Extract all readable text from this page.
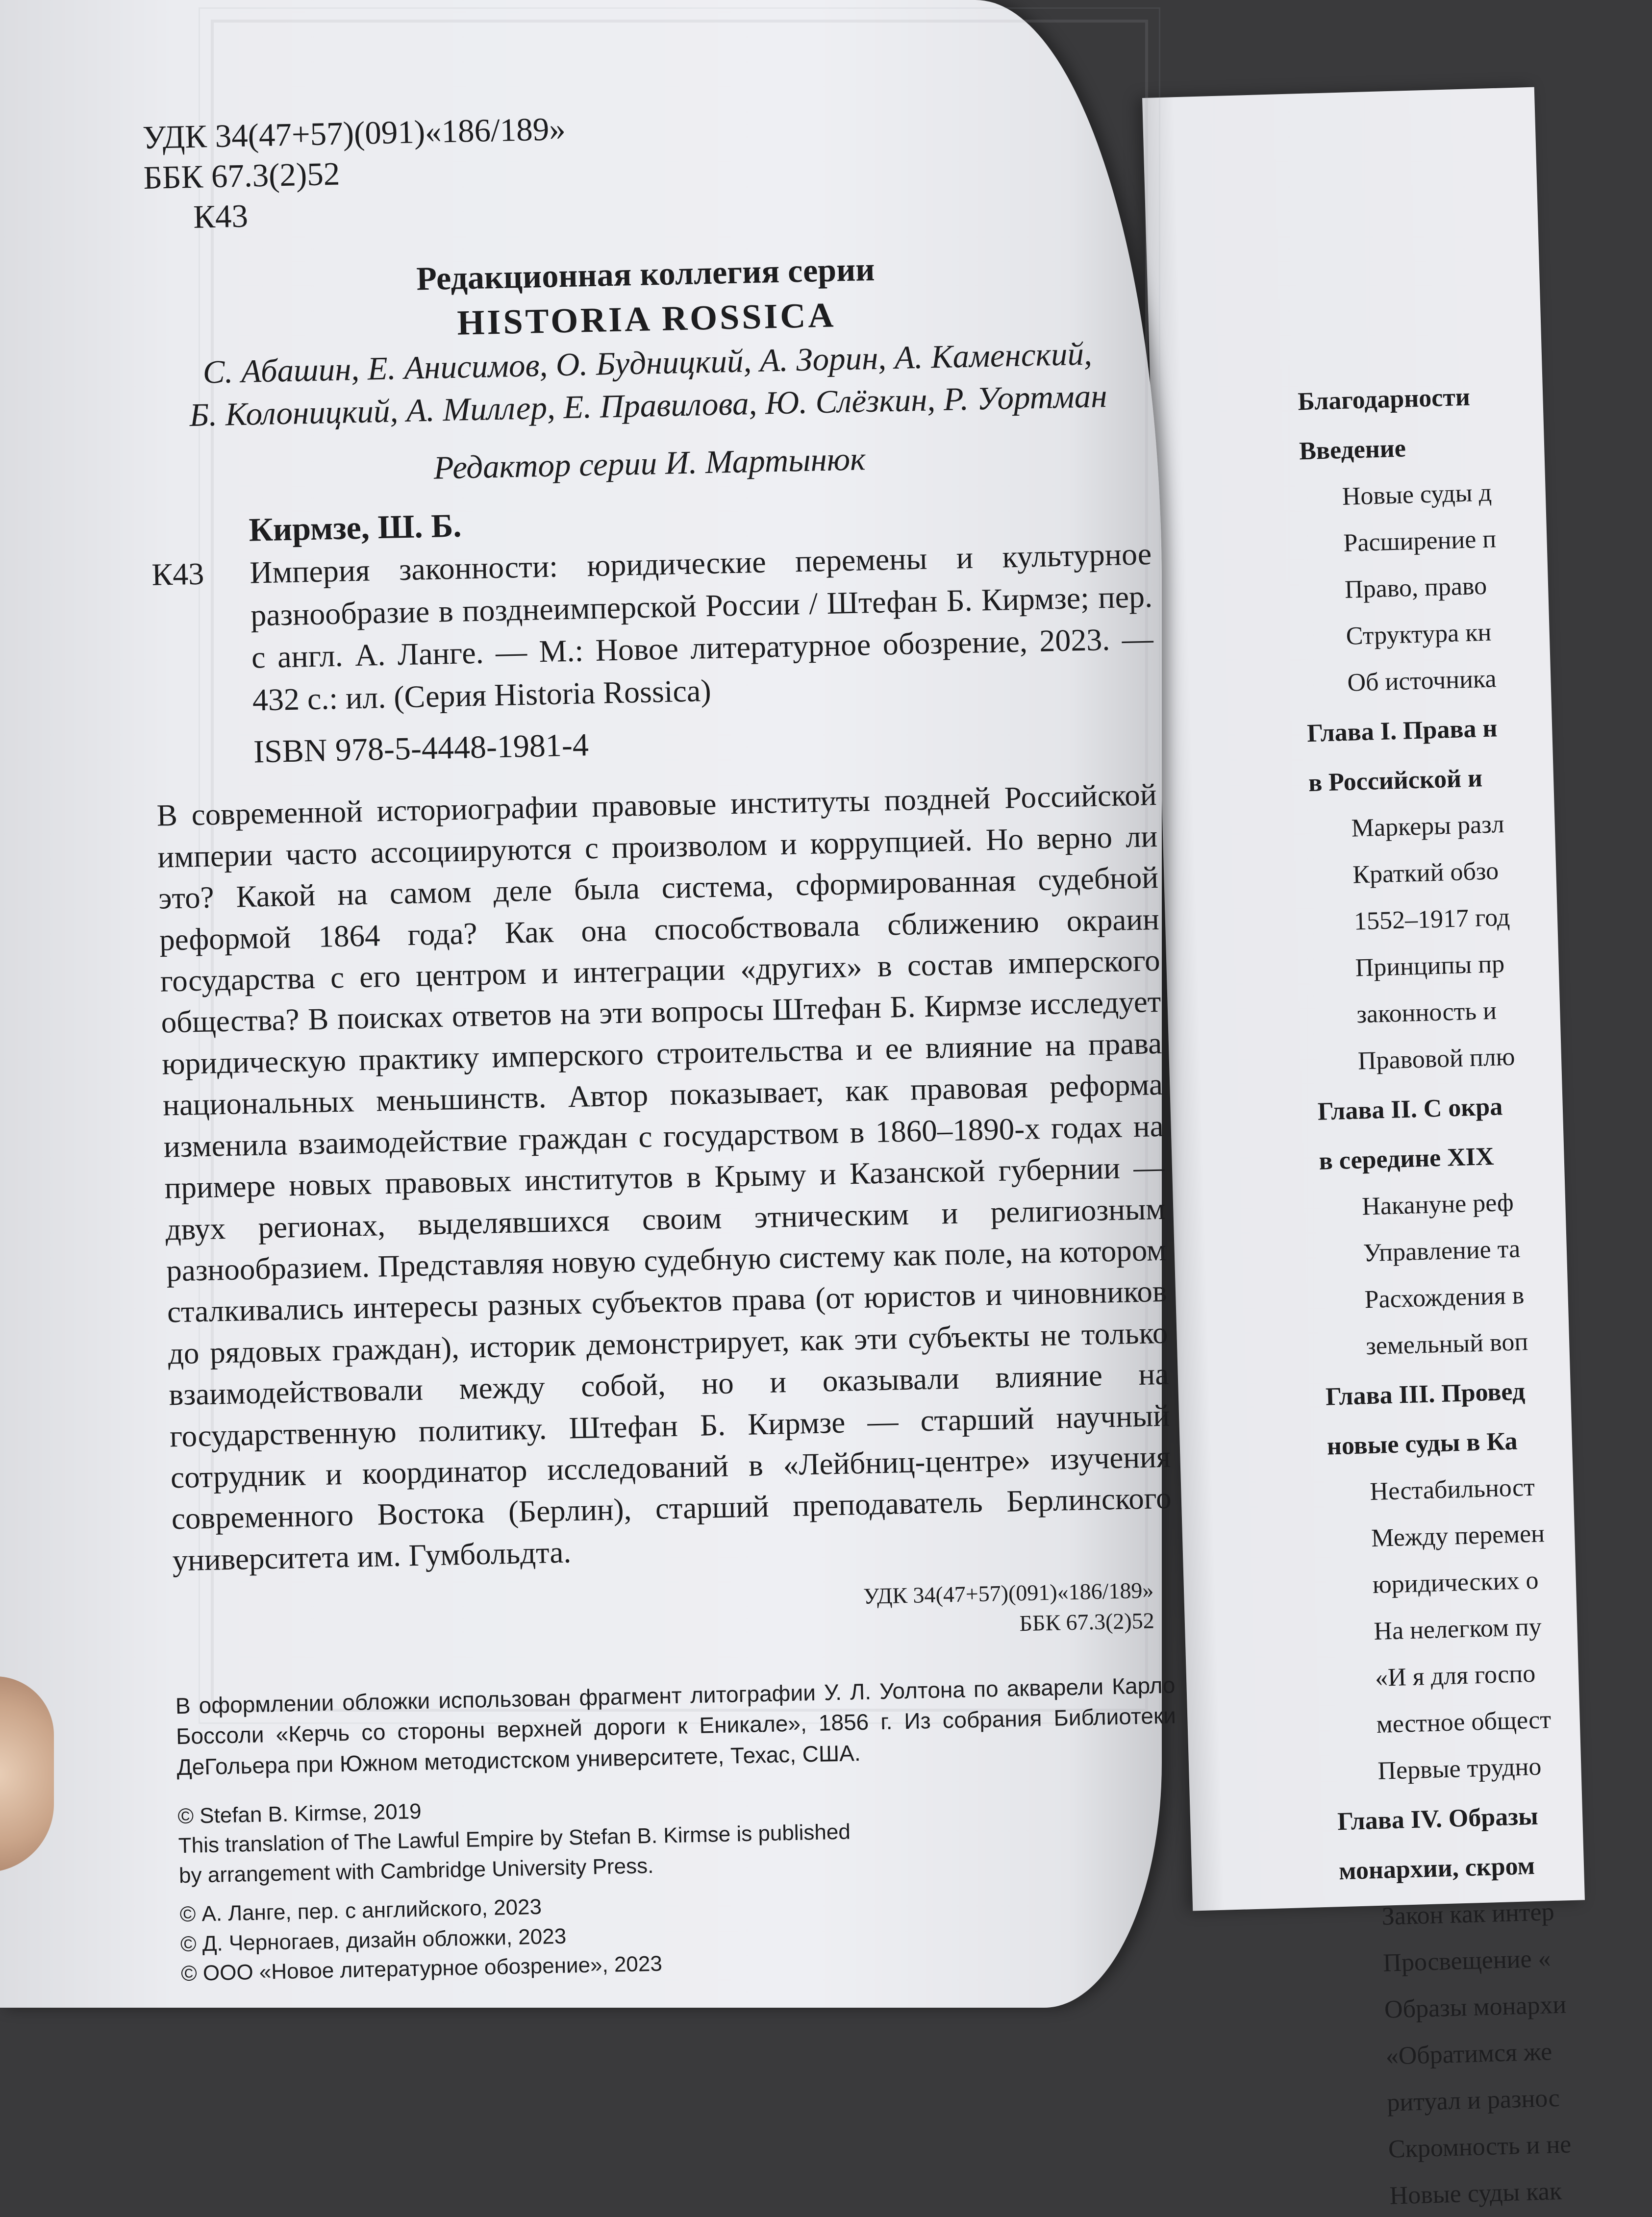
Благодарности
Введение
Новые суды д
Расширение п
Право, право
Структура кн
Об источника
Глава I. Права н
в Российской и
Маркеры разл
Краткий обзо
1552–1917 год
Принципы пр
законность и
Правовой плю
Глава II. С окра
в середине XIX
Накануне реф
Управление та
Расхождения в
земельный воп
Глава III. Провед
новые суды в Ка
Нестабильност
Между перемен
юридических о
На нелегком пу
«И я для госпо
местное общест
Первые трудно
Глава IV. Образы
монархии, скром
Закон как интер
Просвещение «
Образы монархи
«Обратимся же
ритуал и разнос
Скромность и не
Новые суды как
УДК 34(47+57)(091)«186/189»
ББК 67.3(2)52
К43
Редакционная коллегия серии
HISTORIA ROSSICA
С. Абашин, Е. Анисимов, О. Будницкий, А. Зорин, А. Каменский,
Б. Колоницкий, А. Миллер, Е. Правилова, Ю. Слёзкин, Р. Уортман
Редактор серии И. Мартынюк
Кирмзе, Ш. Б.
К43 Империя законности: юридические перемены и культурное разнообразие в позднеимперской России / Штефан Б. Кирмзе; пер. с англ. А. Ланге. — М.: Новое литературное обозрение, 2023. — 432 с.: ил. (Серия Historia Rossica)
ISBN 978-5-4448-1981-4
В современной историографии правовые институты поздней Российской империи часто ассоциируются с произволом и коррупцией. Но верно ли это? Какой на самом деле была система, сформированная судебной реформой 1864 года? Как она способствовала сближению окраин государства с его центром и интеграции «других» в состав имперского общества? В поисках ответов на эти вопросы Штефан Б. Кирмзе исследует юридическую практику имперского строительства и ее влияние на права национальных меньшинств. Автор показывает, как правовая реформа изменила взаимодействие граждан с государством в 1860–1890-х годах на примере новых правовых институтов в Крыму и Казанской губернии — двух регионах, выделявшихся своим этническим и религиозным разнообразием. Представляя новую судебную систему как поле, на котором сталкивались интересы разных субъектов права (от юристов и чиновников до рядовых граждан), историк демонстрирует, как эти субъекты не только взаимодействовали между собой, но и оказывали влияние на государственную политику. Штефан Б. Кирмзе — старший научный сотрудник и координатор исследований в «Лейбниц-центре» изучения современного Востока (Берлин), старший преподаватель Берлинского университета им. Гумбольдта.
УДК 34(47+57)(091)«186/189»
ББК 67.3(2)52
В оформлении обложки использован фрагмент литографии У. Л. Уолтона по акварели Карло Боссоли «Керчь со стороны верхней дороги к Еникале», 1856 г. Из собрания Библиотеки ДеГольера при Южном методистском университете, Техас, США.
© Stefan B. Kirmse, 2019
This translation of The Lawful Empire by Stefan B. Kirmse is published
by arrangement with Cambridge University Press.
© А. Ланге, пер. с английского, 2023
© Д. Черногаев, дизайн обложки, 2023
© ООО «Новое литературное обозрение», 2023
